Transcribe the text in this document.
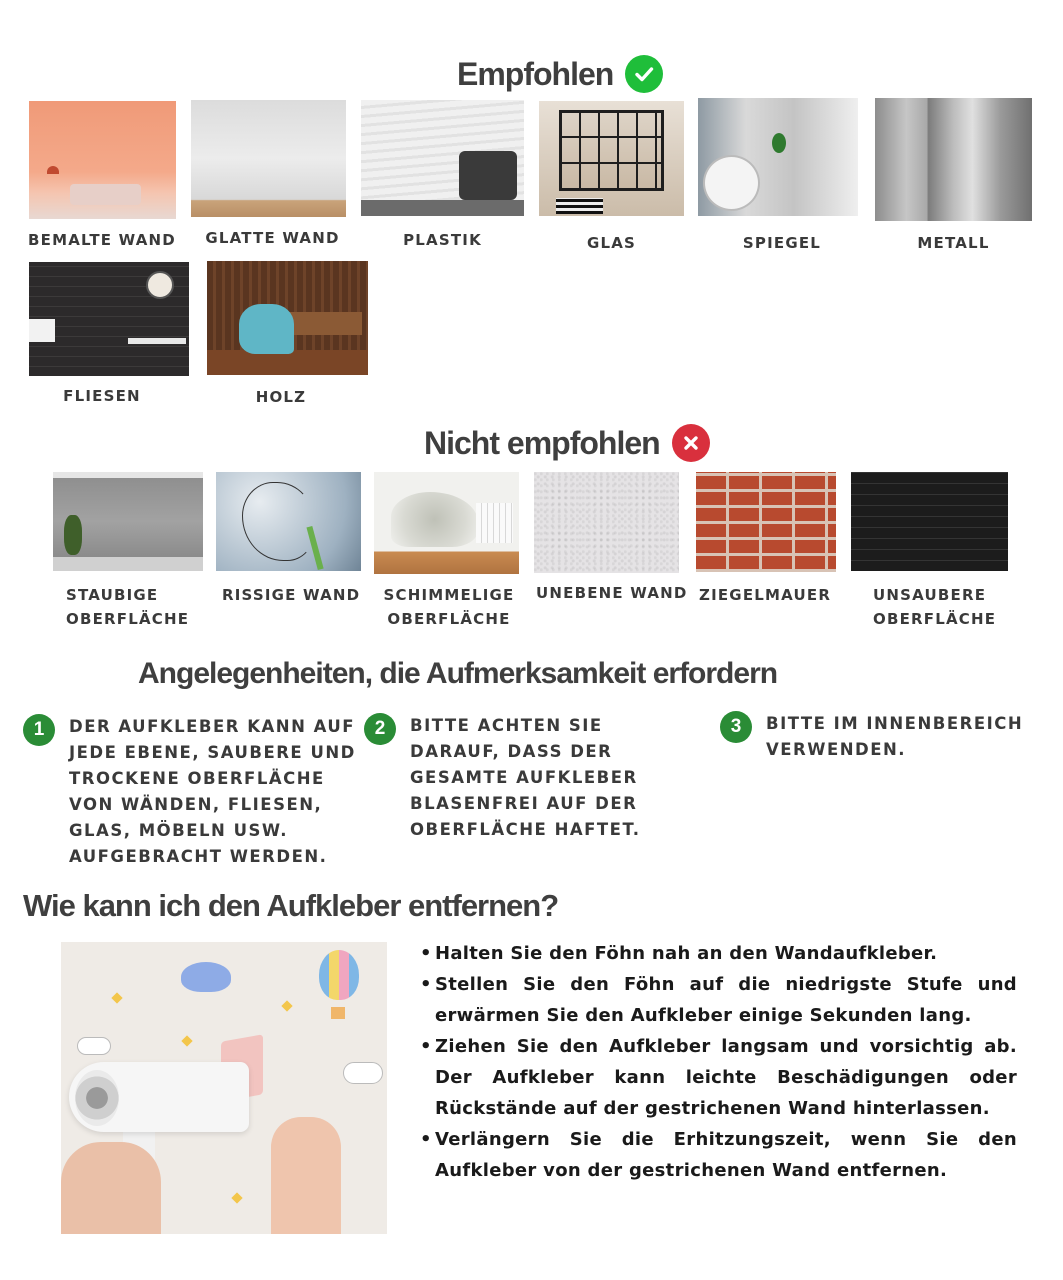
Empfohlen
BEMALTE WAND	GLATTE WAND	PLASTIK	GLAS	SPIEGEL	METALL
FLIESEN	HOLZ
Nicht empfohlen
STAUBIGE
OBERFLÄCHE
RISSIGE WAND	SCHIMMELIGE
OBERFLÄCHE
UNEBENE WAND ZIEGELMAUER	UNSAUBERE
OBERFLÄCHE
Angelegenheiten, die Aufmerksamkeit erfordern
1	DER AUFKLEBER KANN AUF
JEDE EBENE, SAUBERE UND
TROCKENE OBERFLÄCHE
VON WÄNDEN, FLIESEN,
GLAS, MÖBELN USW.
AUFGEBRACHT WERDEN.
2	BITTE ACHTEN SIE
DARAUF, DASS DER
GESAMTE AUFKLEBER
BLASENFREI AUF DER
OBERFLÄCHE HAFTET.
3	BITTE IM INNENBEREICH
VERWENDEN.
Wie kann ich den Aufkleber entfernen?
• Halten Sie den Föhn nah an den Wandaufkleber.
• Stellen Sie den Föhn auf die niedrigste Stufe und erwärmen Sie den Aufkleber einige Sekunden lang.
• Ziehen Sie den Aufkleber langsam und vorsichtig ab. Der Aufkleber kann leichte Beschädigungen oder Rückstände auf der gestrichenen Wand hinterlassen.
• Verlängern Sie die Erhitzungszeit, wenn Sie den Aufkleber von der gestrichenen Wand entfernen.
